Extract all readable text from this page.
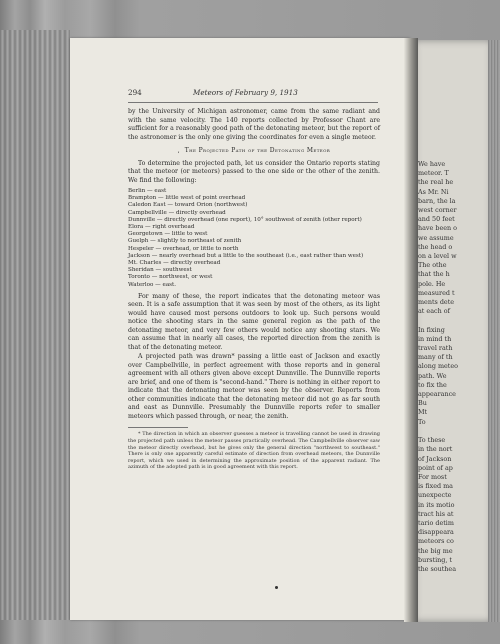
We have
meteor. T
the real he
As Mr. Ni
barn, the la
west corner
and 50 feet
have been o
we assume
the head o
on a level w
The othe
that the h
pole. He
measured t
ments dete
at each of

In fixing
in mind th
travel rath
many of th
along meteo
path. We
to fix the
appearance
Bu
Mt
To

To these
in the nort
of Jackson
point of ap
For most
is fixed ma
unexpecte
in its motio
tract his at
tario detim
disappeara
meteors co
the big me
bursting, t
the southea
294	Meteors of February 9, 1913

by the University of Michigan astronomer, came from the same radiant and with the same velocity. The 140 reports collected by Professor Chant are sufficient for a reasonably good path of the detonating meteor, but the report of the astronomer is the only one giving the coordinates for even a single meteor.

,  The Projected Path of the Detonating Meteor

To determine the projected path, let us consider the Ontario reports stating that the meteor (or meteors) passed to the one side or the other of the zenith. We find the following:

Berlin — east
Brampton — little west of point overhead
Caledon East — toward Orion (northwest)
Campbellville — directly overhead
Dunnville — directly overhead (one report), 10° southwest of zenith (other report)
Elora — right overhead
Georgetown — little to west
Guelph — slightly to northeast of zenith
Hespeler — overhead, or little to north
Jackson — nearly overhead but a little to the southeast (i.e., east rather than west)
Mt. Charles — directly overhead
Sheridan — southwest
Toronto — northwest, or west
Waterloo — east.

For many of these, the report indicates that the detonating meteor was seen. It is a safe assumption that it was seen by most of the others, as its light would have caused most persons outdoors to look up. Such persons would notice the shooting stars in the same general region as the path of the detonating meteor, and very few others would notice any shooting stars. We can assume that in nearly all cases, the reported direction from the zenith is that of the detonating meteor.

A projected path was drawn* passing a little east of Jackson and exactly over Campbellville, in perfect agreement with those reports and in general agreement with all others given above except Dunnville. The Dunnville reports are brief, and one of them is "second-hand." There is nothing in either report to indicate that the detonating meteor was seen by the observer. Reports from other communities indicate that the detonating meteor did not go as far south and east as Dunnville. Presumably the Dunnville reports refer to smaller meteors which passed through, or near, the zenith.

* The direction in which an observer guesses a meteor is travelling cannot be used in drawing the projected path unless the meteor passes practically overhead. The Campbellville observer saw the meteor directly overhead, but he gives only the general direction "northwest to southeast." There is only one apparently careful estimate of direction from overhead meteors, the Dunnville report, which we used in determining the approximate position of the apparent radiant. The azimuth of the adopted path is in good agreement with this report.
